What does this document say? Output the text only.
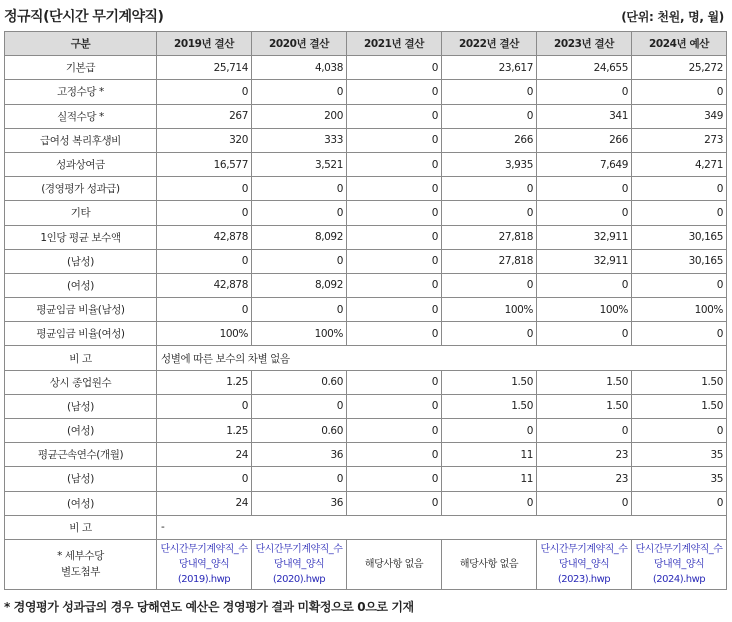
정규직(단시간 무기계약직)	(단위: 천원, 명, 월)
구분	2019년 결산	2020년 결산	2021년 결산	2022년 결산	2023년 결산	2024년 예산
기본급	25,714	4,038	0	23,617	24,655	25,272
고정수당 *	0	0	0	0	0	0
실적수당 *	267	200	0	0	341	349
급여성 복리후생비	320	333	0	266	266	273
성과상여금	16,577	3,521	0	3,935	7,649	4,271
(경영평가 성과급)	0	0	0	0	0	0
기타	0	0	0	0	0	0
1인당 평균 보수액	42,878	8,092	0	27,818	32,911	30,165
(남성)	0	0	0	27,818	32,911	30,165
(여성)	42,878	8,092	0	0	0	0
평균임금 비율(남성)	0	0	0	100%	100%	100%
평균임금 비율(여성)	100%	100%	0	0	0	0
비 고	성별에 따른 보수의 차별 없음					
상시 종업원수	1.25	0.60	0	1.50	1.50	1.50
(남성)	0	0	0	1.50	1.50	1.50
(여성)	1.25	0.60	0	0	0	0
평균근속연수(개월)	24	36	0	11	23	35
(남성)	0	0	0	11	23	35
(여성)	24	36	0	0	0	0
비 고	-					

* 세부수당
별도첨부	단시간무기계약직_수당내역_양식(2019).hwp	단시간무기계약직_수당내역_양식(2020).hwp	해당사항 없음	해당사항 없음	단시간무기계약직_수당내역_양식(2023).hwp	단시간무기계약직_수당내역_양식(2024).hwp
* 경영평가 성과급의 경우 당해연도 예산은 경영평가 결과 미확정으로 0으로 기재
